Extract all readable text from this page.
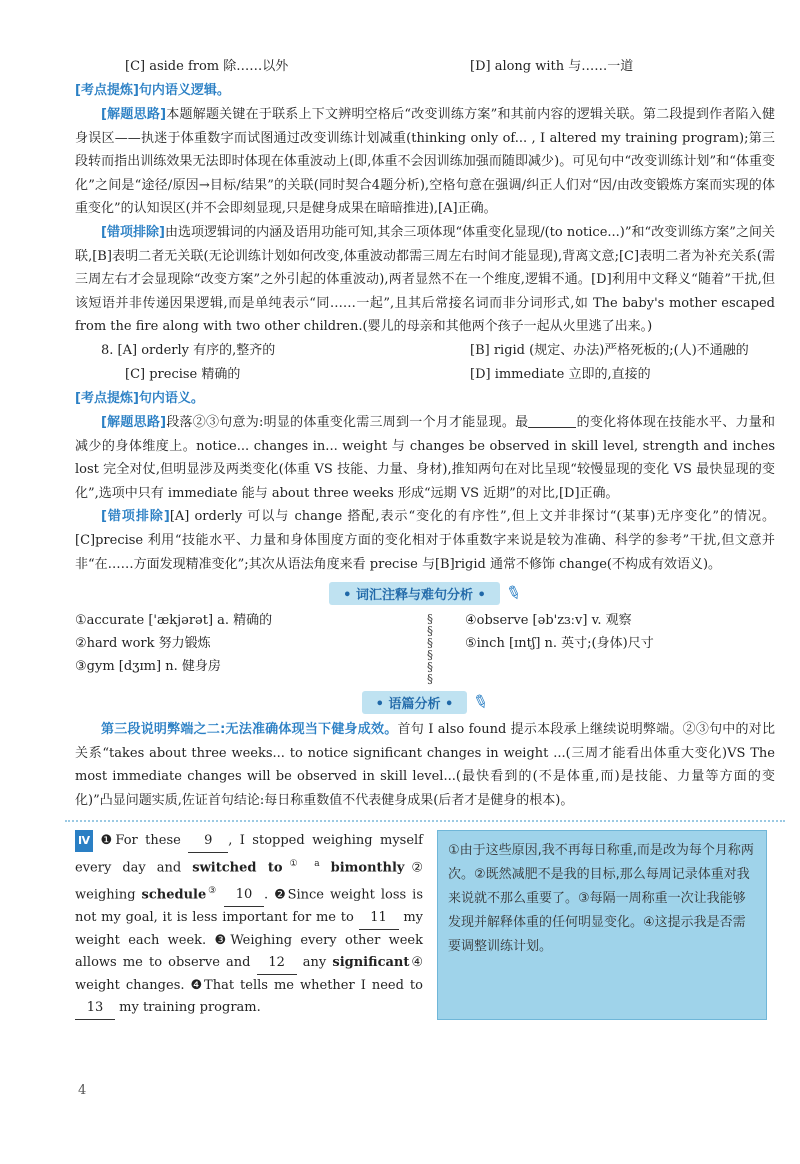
[C] aside from 除……以外	[D] along with 与……一道
[考点提炼]句内语义逻辑。

[解题思路]本题解题关键在于联系上下文辨明空格后“改变训练方案”和其前内容的逻辑关联。第二段提到作者陷入健身误区——执迷于体重数字而试图通过改变训练计划减重(thinking only of... , I altered my training program);第三段转而指出训练效果无法即时体现在体重波动上(即,体重不会因训练加强而随即减少)。可见句中“改变训练计划”和“体重变化”之间是“途径/原因→目标/结果”的关联(同时契合4题分析),空格句意在强调/纠正人们对“因/由改变锻炼方案而实现的体重变化”的认知误区(并不会即刻显现,只是健身成果在暗暗推进),[A]正确。

[错项排除]由选项逻辑词的内涵及语用功能可知,其余三项体现“体重变化显现/(to notice...)”和“改变训练方案”之间关联,[B]表明二者无关联(无论训练计划如何改变,体重波动都需三周左右时间才能显现),背离文意;[C]表明二者为补充关系(需三周左右才会显现除“改变方案”之外引起的体重波动),两者显然不在一个维度,逻辑不通。[D]利用中文释义“随着”干扰,但该短语并非传递因果逻辑,而是单纯表示“同……一起”,且其后常接名词而非分词形式,如 The baby's mother escaped from the fire along with two other children.(婴儿的母亲和其他两个孩子一起从火里逃了出来。)

8. [A] orderly 有序的,整齐的	[B] rigid (规定、办法)严格死板的;(人)不通融的
[C] precise 精确的	[D] immediate 立即的,直接的
[考点提炼]句内语义。

[解题思路]段落②③句意为:明显的体重变化需三周到一个月才能显现。最	的变化将体现在技能水平、力量和减少的身体维度上。notice... changes in... weight 与 changes be observed in skill level, strength and inches lost 完全对仗,但明显涉及两类变化(体重 VS 技能、力量、身材),推知两句在对比呈现“较慢显现的变化 VS 最快显现的变化”,选项中只有 immediate 能与 about three weeks 形成“远期 VS 近期”的对比,[D]正确。

[错项排除][A] orderly 可以与 change 搭配,表示“变化的有序性”,但上文并非探讨“(某事)无序变化”的情况。[C]precise 利用“技能水平、力量和身体围度方面的变化相对于体重数字来说是较为准确、科学的参考”干扰,但文意并非“在……方面发现精准变化”;其次从语法角度来看 precise 与[B]rigid 通常不修饰 change(不构成有效语义)。

• 词汇注释与难句分析 • ✎
①accurate ['ækjərət] a. 精确的
②hard work 努力锻炼
③gym [dʒɪm] n. 健身房
§
§
§
§
§
§
④observe [əb'zɜːv] v. 观察
⑤inch [ɪntʃ] n. 英寸;(身体)尺寸
• 语篇分析 • ✎

第三段说明弊端之二:无法准确体现当下健身成效。首句 I also found 提示本段承上继续说明弊端。②③句中的对比关系“takes about three weeks... to notice significant changes in weight ...(三周才能看出体重大变化)VS The most immediate changes will be observed in skill level...(最快看到的(不是体重,而)是技能、力量等方面的变化)”凸显问题实质,佐证首句结论:每日称重数值不代表健身成果(后者才是健身的根本)。

Ⅳ ❶For these 9 , I stopped weighing myself every day and switched $to^{① a}$ bimonthly② weighing schedule③ 10 . ❷Since weight loss is not my goal, it is less important for me to 11 my weight each week. ❸Weighing every other week allows me to observe and 12 any significant④ weight changes. ❹That tells me whether I need to 13 my training program.
①由于这些原因,我不再每日称重,而是改为每个月称两次。②既然减肥不是我的目标,那么每周记录体重对我来说就不那么重要了。③每隔一周称重一次让我能够发现并解释体重的任何明显变化。④这提示我是否需要调整训练计划。
4
